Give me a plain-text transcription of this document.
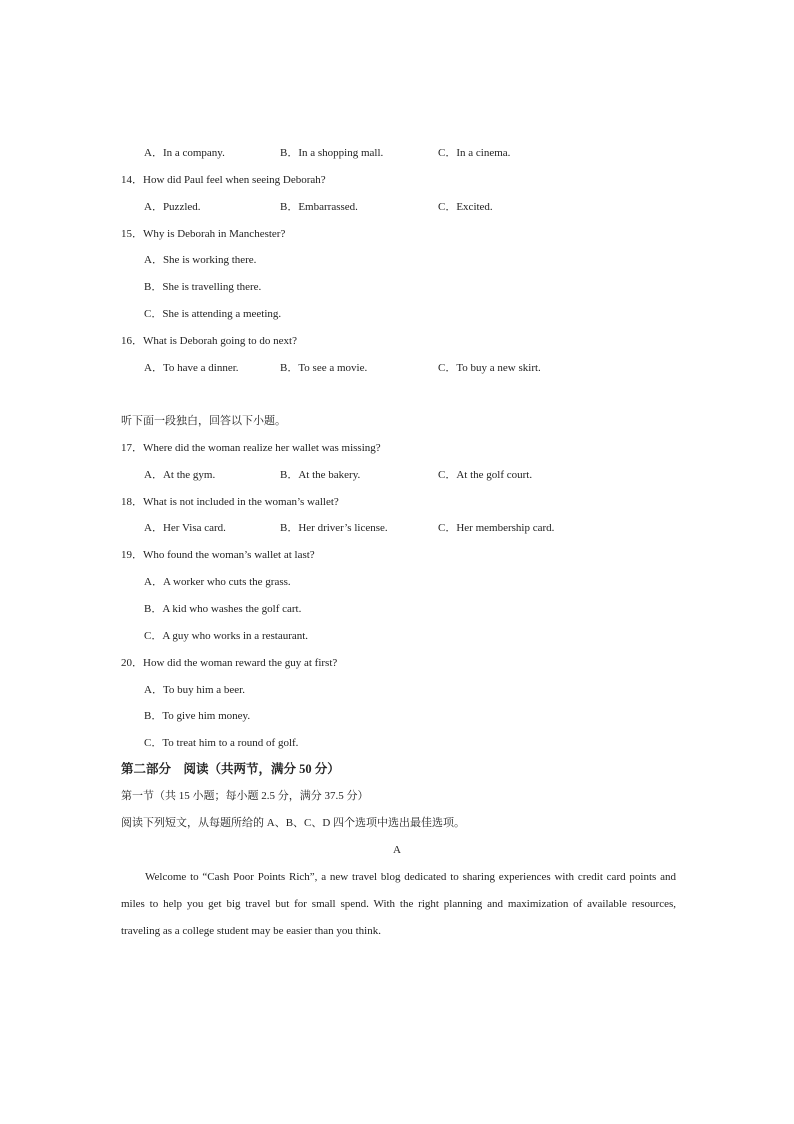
A．In a company.	B．In a shopping mall.	C．In a cinema.
14．How did Paul feel when seeing Deborah?
A．Puzzled.	B．Embarrassed.	C．Excited.
15．Why is Deborah in Manchester?
A．She is working there.
B．She is travelling there.
C．She is attending a meeting.
16．What is Deborah going to do next?
A．To have a dinner.	B．To see a movie.	C．To buy a new skirt.
听下面一段独白，回答以下小题。
17．Where did the woman realize her wallet was missing?
A．At the gym.	B．At the bakery.	C．At the golf court.
18．What is not included in the woman’s wallet?
A．Her Visa card.	B．Her driver’s license.	C．Her membership card.
19．Who found the woman’s wallet at last?
A．A worker who cuts the grass.
B．A kid who washes the golf cart.
C．A guy who works in a restaurant.
20．How did the woman reward the guy at first?
A．To buy him a beer.
B．To give him money.
C．To treat him to a round of golf.
第二部分　阅读（共两节，满分 50 分）
第一节（共 15 小题；每小题 2.5 分，满分 37.5 分）
阅读下列短文，从每题所给的 A、B、C、D 四个选项中选出最佳选项。
A
Welcome to “Cash Poor Points Rich”, a new travel blog dedicated to sharing experiences with credit card points and miles to help you get big travel but for small spend. With the right planning and maximization of available resources, traveling as a college student may be easier than you think.
